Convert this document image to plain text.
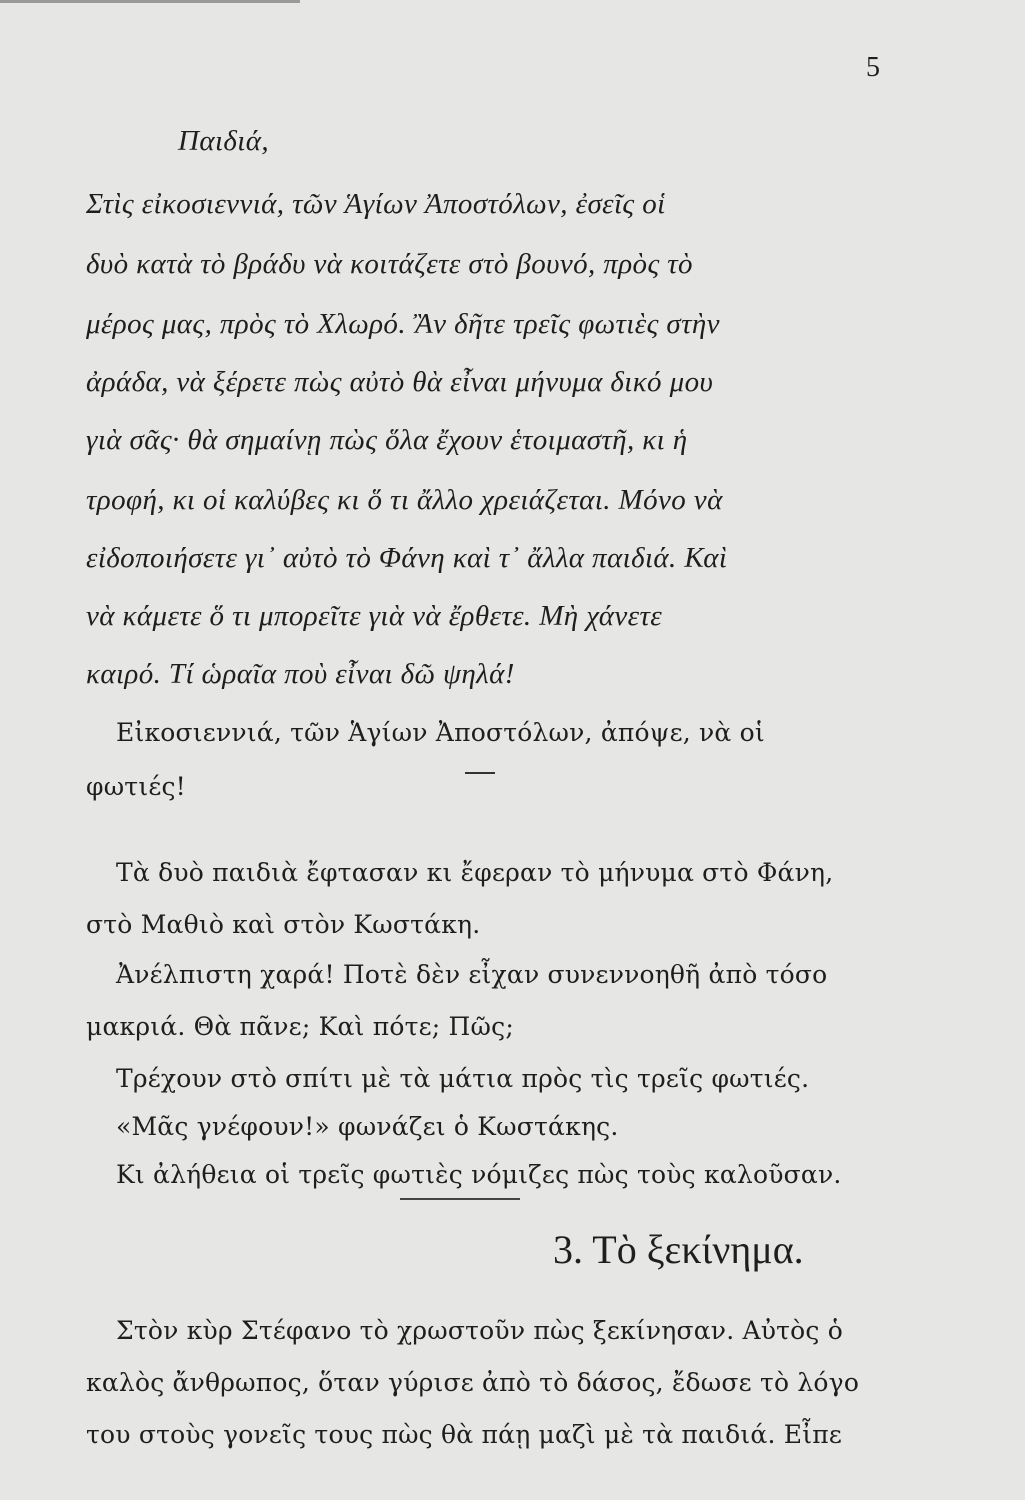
5
Παιδιά,
Στὶς εἰκοσιεννιά, τῶν Ἁγίων Ἀποστόλων, ἐσεῖς οἱ
δυὸ κατὰ τὸ βράδυ νὰ κοιτάζετε στὸ βουνό, πρὸς τὸ
μέρος μας, πρὸς τὸ Χλωρό. Ἂν δῆτε τρεῖς φωτιὲς στὴν
ἀράδα, νὰ ξέρετε πὼς αὐτὸ θὰ εἶναι μήνυμα δικό μου
γιὰ σᾶς· θὰ σημαίνῃ πὼς ὅλα ἔχουν ἑτοιμαστῆ, κι ἡ
τροφή, κι οἱ καλύβες κι ὅ τι ἄλλο χρειάζεται. Μόνο νὰ
εἰδοποιήσετε γι᾽ αὐτὸ τὸ Φάνη καὶ τ᾽ ἄλλα παιδιά. Καὶ
νὰ κάμετε ὅ τι μπορεῖτε γιὰ νὰ ἔρθετε. Μὴ χάνετε
καιρό. Τί ὡραῖα ποὺ εἶναι δῶ ψηλά!
Εἰκοσιεννιά, τῶν Ἁγίων Ἀποστόλων, ἀπόψε, νὰ οἱ
φωτιές!
Τὰ δυὸ παιδιὰ ἔφτασαν κι ἔφεραν τὸ μήνυμα στὸ Φάνη,
στὸ Μαθιὸ καὶ στὸν Κωστάκη.
Ἀνέλπιστη χαρά! Ποτὲ δὲν εἶχαν συνεννοηθῆ ἀπὸ τόσο
μακριά. Θὰ πᾶνε; Καὶ πότε; Πῶς;
Τρέχουν στὸ σπίτι μὲ τὰ μάτια πρὸς τὶς τρεῖς φωτιές.
«Μᾶς γνέφουν!» φωνάζει ὁ Κωστάκης.
Κι ἀλήθεια οἱ τρεῖς φωτιὲς νόμιζες πὼς τοὺς καλοῦσαν.
3. Τὸ ξεκίνημα.
Στὸν κὺρ Στέφανο τὸ χρωστοῦν πὼς ξεκίνησαν. Αὐτὸς ὁ
καλὸς ἄνθρωπος, ὅταν γύρισε ἀπὸ τὸ δάσος, ἔδωσε τὸ λόγο
του στοὺς γονεῖς τους πὼς θὰ πάῃ μαζὶ μὲ τὰ παιδιά. Εἶπε
